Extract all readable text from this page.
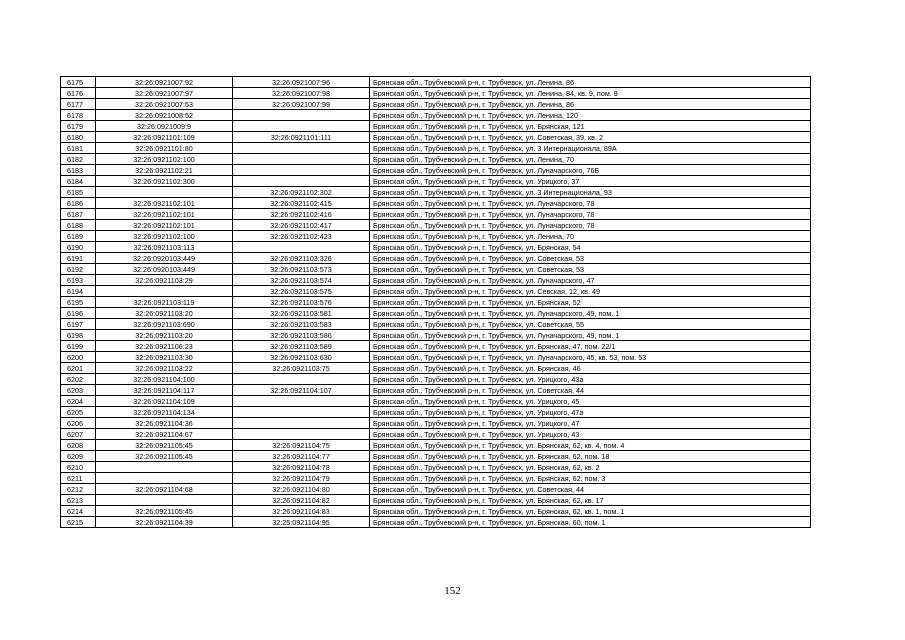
6175	32:26:0921007:92	32:26:0921007:96	Брянская обл., Трубчевский р-н, г. Трубчевск, ул. Ленина, 86
6176	32:26:0921007:97	32:26:0921007:98	Брянская обл., Трубчевский р-н, г. Трубчевск, ул. Ленина, 84, кв. 9, пом. 9
6177	32:26:0921007:53	32:26:0921007:99	Брянская обл., Трубчевский р-н, г. Трубчевск, ул. Ленина, 86
6178	32:26:0921008:52		Брянская обл., Трубчевский р-н, г. Трубчевск, ул. Ленина, 120
6179	32:26:0921009:9		Брянская обл., Трубчевский р-н, г. Трубчевск, ул. Брянская, 121
6180	32:26:0921101:109	32:26:0921101:111	Брянская обл., Трубчевский р-н, г. Трубчевск, ул. Советская, 39, кв. 2
6181	32:26:0921101:80		Брянская обл., Трубчевский р-н, г. Трубчевск, ул. 3 Интернационала, 89А
6182	32:26:0921102:100		Брянская обл., Трубчевский р-н, г. Трубчевск, ул. Ленина, 70
6183	32:26:0921102:21		Брянская обл., Трубчевский р-н, г. Трубчевск, ул. Луначарского, 76Б
6184	32:26:0921102:300		Брянская обл., Трубчевский р-н, г. Трубчевск, ул. Урицкого, 37
6185		32:26:0921102:302	Брянская обл., Трубчевский р-н, г. Трубчевск, ул. 3 Интернационала, 93
6186	32:26:0921102:101	32:26:0921102:415	Брянская обл., Трубчевский р-н, г. Трубчевск, ул. Луначарского, 78
6187	32:26:0921102:101	32:26:0921102:416	Брянская обл., Трубчевский р-н, г. Трубчевск, ул. Луначарского, 78
6188	32:26:0921102:101	32:26:0921102:417	Брянская обл., Трубчевский р-н, г. Трубчевск, ул. Луначарского, 78
6189	32:26:0921102:100	32:26:0921102:423	Брянская обл., Трубчевский р-н, г. Трубчевск, ул. Ленина, 70
6190	32:26:0921103:113		Брянская обл., Трубчевский р-н, г. Трубчевск, ул. Брянская, 54
6191	32:26:0920103:449	32:26:0921103:326	Брянская обл., Трубчевский р-н, г. Трубчевск, ул. Советская, 53
6192	32:26:0920103:449	32:26:0921103:573	Брянская обл., Трубчевский р-н, г. Трубчевск, ул. Советская, 53
6193	32:26:0921103:29	32:26:0921103:574	Брянская обл., Трубчевский р-н, г. Трубчевск, ул. Луначарского, 47
6194		32:26:0921103:575	Брянская обл., Трубчевский р-н, г. Трубчевск, ул. Севская, 12, кв. 49
6195	32:26:0921103:119	32:26:0921103:576	Брянская обл., Трубчевский р-н, г. Трубчевск, ул. Брянская, 52
6196	32:26:0921103:20	32:26:0921103:581	Брянская обл., Трубчевский р-н, г. Трубчевск, ул. Луначарского, 49, пом. 1
6197	32:26:0921103:690	32:26:0921103:583	Брянская обл., Трубчевский р-н, г. Трубчевск, ул. Советская, 55
6198	32:26:0921103:20	32:26:0921103:586	Брянская обл., Трубчевский р-н, г. Трубчевск, ул. Луначарского, 49, пом. 1
6199	32:26:0921106:23	32:26:0921103:589	Брянская обл., Трубчевский р-н, г. Трубчевск, ул. Брянская, 47, пом. 22/1
6200	32:26:0921103:30	32:26:0921103:630	Брянская обл., Трубчевский р-н, г. Трубчевск, ул. Луначарского, 45, кв. 53, пом. 53
6201	32:26:0921103:22	32:26:0921103:75	Брянская обл., Трубчевский р-н, г. Трубчевск, ул. Брянская, 46
6202	32:26:0921104:100		Брянская обл., Трубчевский р-н, г. Трубчевск, ул. Урицкого, 43а
6203	32:26:0921104:117	32:26:0921104:107	Брянская обл., Трубчевский р-н, г. Трубчевск, ул. Советская, 44
6204	32:26:0921104:109		Брянская обл., Трубчевский р-н, г. Трубчевск, ул. Урицкого, 45
6205	32:26:0921104:134		Брянская обл., Трубчевский р-н, г. Трубчевск, ул. Урицкого, 47а
6206	32:26:0921104:36		Брянская обл., Трубчевский р-н, г. Трубчевск, ул. Урицкого, 47
6207	32:26:0921104:67		Брянская обл., Трубчевский р-н, г. Трубчевск, ул. Урицкого, 43
6208	32:26:0921105:45	32:26:0921104:75	Брянская обл., Трубчевский р-н, г. Трубчевск, ул. Брянская, 62, кв. 4, пом. 4
6209	32:26:0921105:45	32:26:0921104:77	Брянская обл., Трубчевский р-н, г. Трубчевск, ул. Брянская, 62, пом. 18
6210		32:26:0921104:78	Брянская обл., Трубчевский р-н, г. Трубчевск, ул. Брянская, 62, кв. 2
6211		32:26:0921104:79	Брянская обл., Трубчевский р-н, г. Трубчевск, ул. Брянская, 62, пом. 3
6212	32:26:0921104:68	32:26:0921104:80	Брянская обл., Трубчевский р-н, г. Трубчевск, ул. Советская, 44
6213		32:26:0921104:82	Брянская обл., Трубчевский р-н, г. Трубчевск, ул. Брянская, 62, кв. 17
6214	32:26:0921105:45	32:26:0921104:83	Брянская обл., Трубчевский р-н, г. Трубчевск, ул. Брянская, 62, кв. 1, пом. 1
6215	32:26:0921104:39	32:25:0921104:95	Брянская обл., Трубчевский р-н, г. Трубчевск, ул. Брянская, 60, пом. 1
152
